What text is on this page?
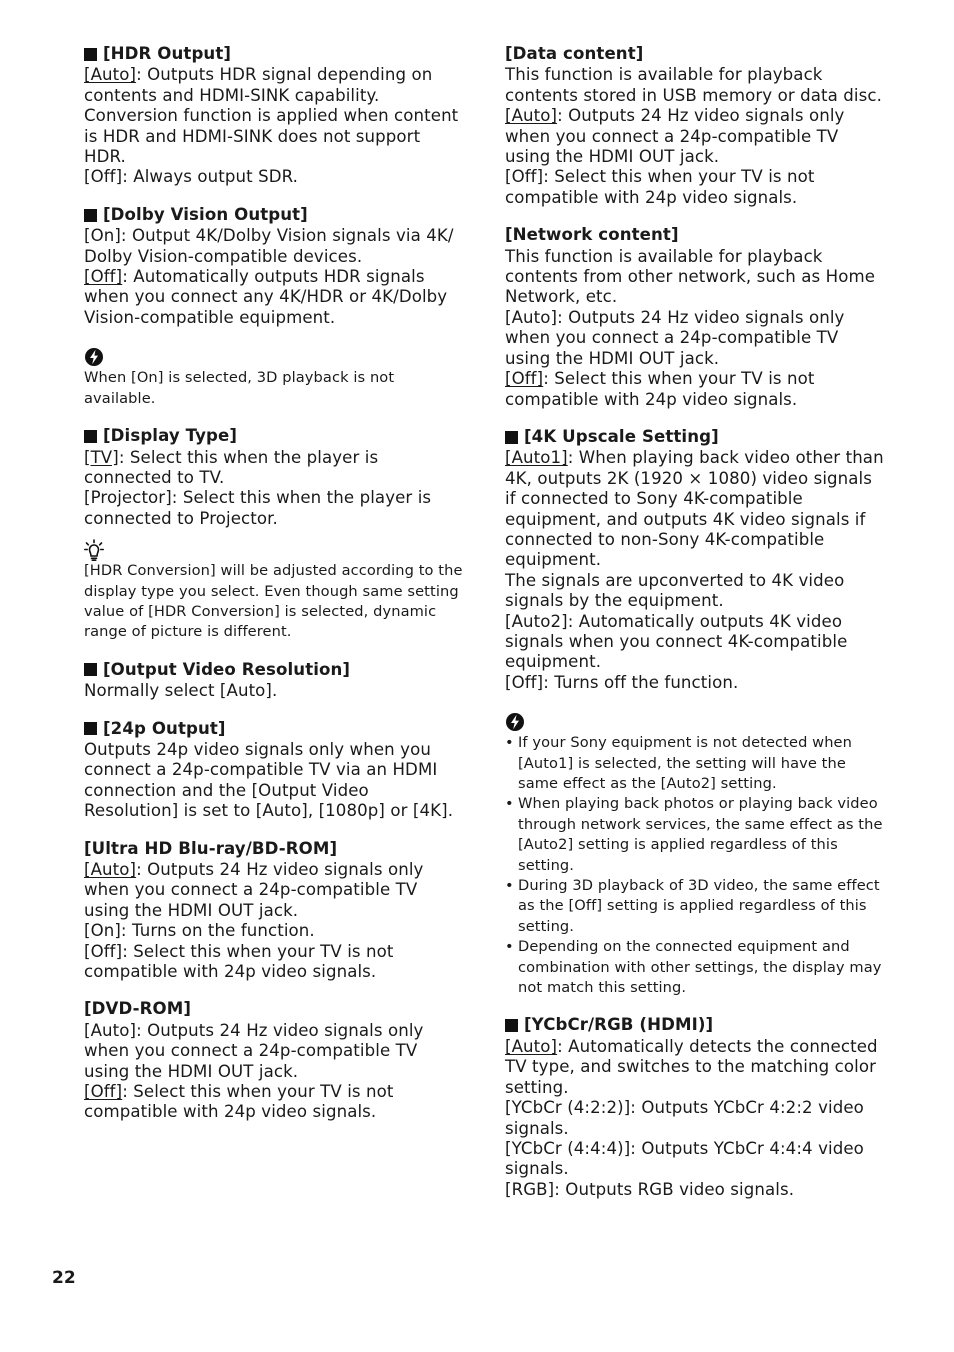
[HDR Output]

[Auto]: Outputs HDR signal depending on contents and HDMI-SINK capability. Conversion function is applied when content is HDR and HDMI-SINK does not support HDR.

[Off]: Always output SDR.

[Dolby Vision Output]

[On]: Output 4K/Dolby Vision signals via 4K/ Dolby Vision-compatible devices.

[Off]: Automatically outputs HDR signals when you connect any 4K/HDR or 4K/Dolby Vision-compatible equipment.

When [On] is selected, 3D playback is not available.

[Display Type]

[TV]: Select this when the player is connected to TV.

[Projector]: Select this when the player is connected to Projector.

[HDR Conversion] will be adjusted according to the display type you select. Even though same setting value of [HDR Conversion] is selected, dynamic range of picture is different.

[Output Video Resolution]

Normally select [Auto].

[24p Output]

Outputs 24p video signals only when you connect a 24p-compatible TV via an HDMI connection and the [Output Video Resolution] is set to [Auto], [1080p] or [4K].

[Ultra HD Blu-ray/BD-ROM]

[Auto]: Outputs 24 Hz video signals only when you connect a 24p-compatible TV using the HDMI OUT jack.

[On]: Turns on the function.

[Off]: Select this when your TV is not compatible with 24p video signals.

[DVD-ROM]

[Auto]: Outputs 24 Hz video signals only when you connect a 24p-compatible TV using the HDMI OUT jack.

[Off]: Select this when your TV is not compatible with 24p video signals.

[Data content]

This function is available for playback contents stored in USB memory or data disc.

[Auto]: Outputs 24 Hz video signals only when you connect a 24p-compatible TV using the HDMI OUT jack.

[Off]: Select this when your TV is not compatible with 24p video signals.

[Network content]

This function is available for playback contents from other network, such as Home Network, etc.

[Auto]: Outputs 24 Hz video signals only when you connect a 24p-compatible TV using the HDMI OUT jack.

[Off]: Select this when your TV is not compatible with 24p video signals.

[4K Upscale Setting]

[Auto1]: When playing back video other than 4K, outputs 2K (1920 × 1080) video signals if connected to Sony 4K-compatible equipment, and outputs 4K video signals if connected to non-Sony 4K-compatible equipment.

The signals are upconverted to 4K video signals by the equipment.

[Auto2]: Automatically outputs 4K video signals when you connect 4K-compatible equipment.

[Off]: Turns off the function.

• If your Sony equipment is not detected when [Auto1] is selected, the setting will have the same effect as the [Auto2] setting.
• When playing back photos or playing back video through network services, the same effect as the [Auto2] setting is applied regardless of this setting.
• During 3D playback of 3D video, the same effect as the [Off] setting is applied regardless of this setting.
• Depending on the connected equipment and combination with other settings, the display may not match this setting.
[YCbCr/RGB (HDMI)]

[Auto]: Automatically detects the connected TV type, and switches to the matching color setting.

[YCbCr (4:2:2)]: Outputs YCbCr 4:2:2 video signals.

[YCbCr (4:4:4)]: Outputs YCbCr 4:4:4 video signals.

[RGB]: Outputs RGB video signals.

22
